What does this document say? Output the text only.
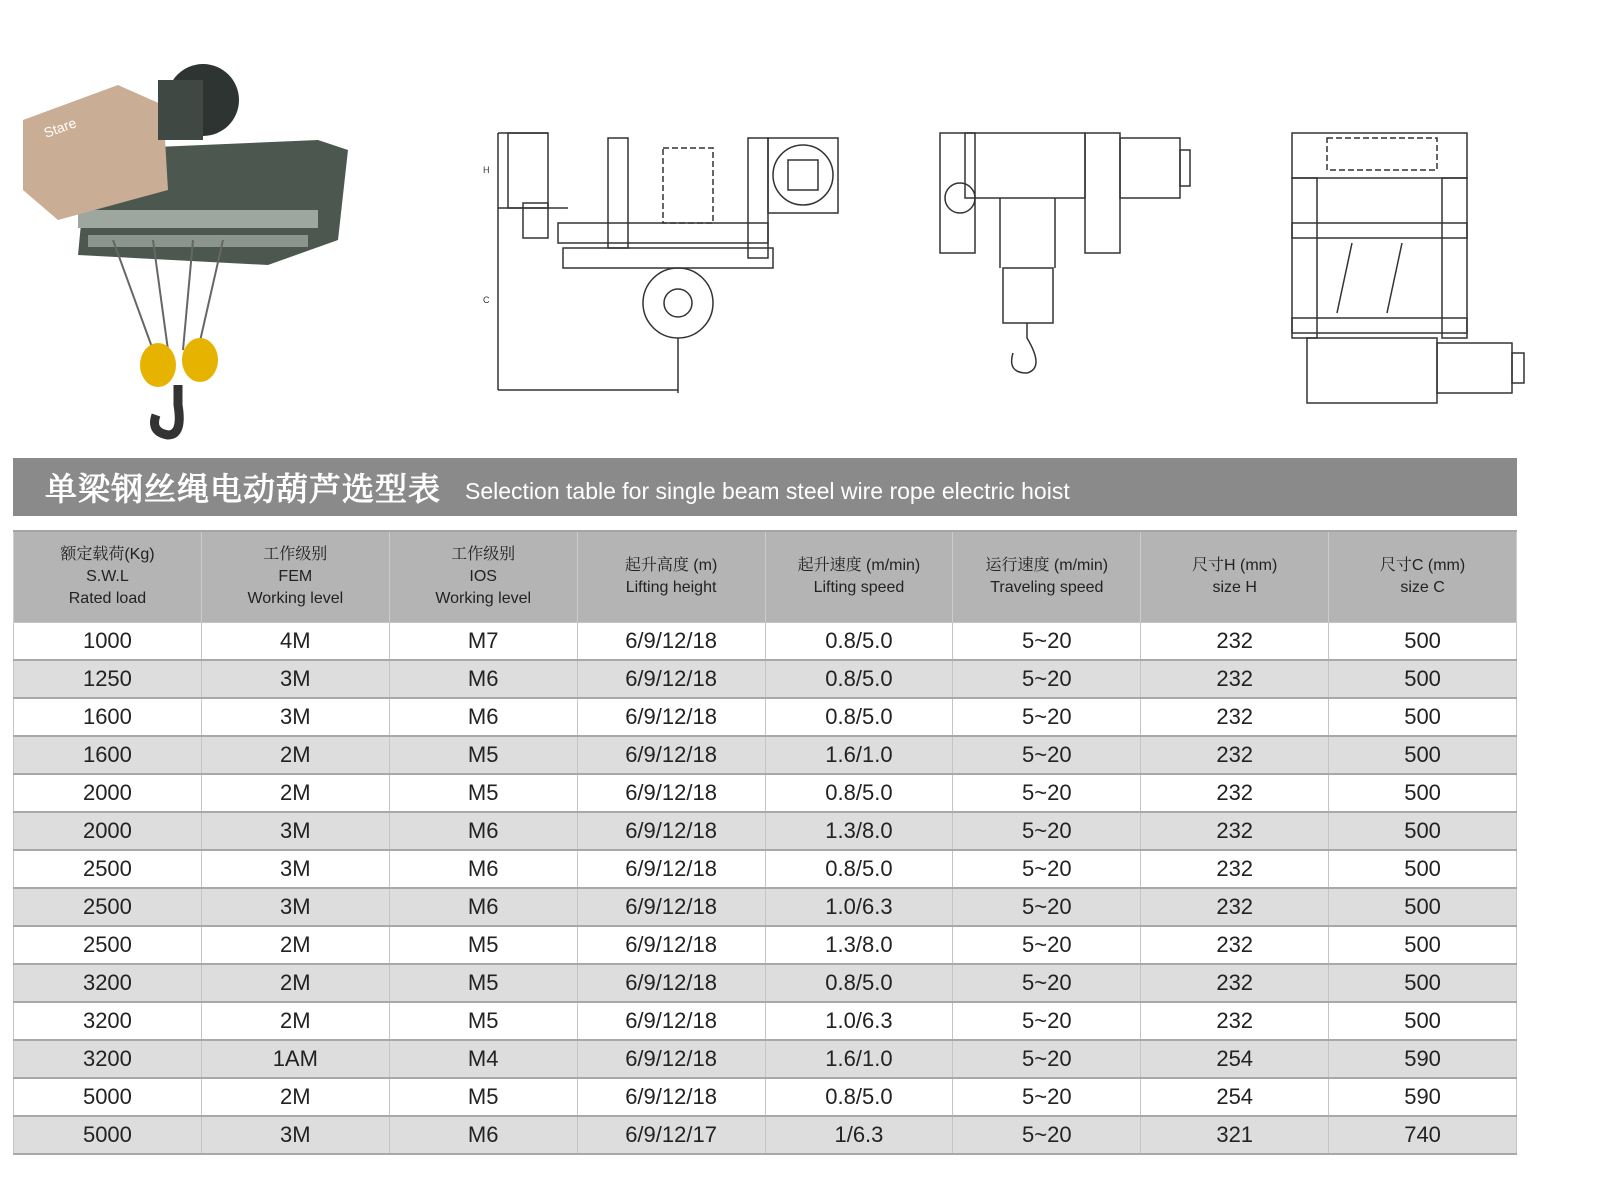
Stare
H
C
单梁钢丝绳电动葫芦选型表 Selection table for single beam steel wire rope electric hoist
额定载荷(Kg)
S.W.L
Rated load	工作级别
FEM
Working level	工作级别
IOS
Working level	起升高度 (m)
Lifting height	起升速度 (m/min)
Lifting speed	运行速度 (m/min)
Traveling speed	尺寸H (mm)
size H	尺寸C (mm)
size C

1000	4M	M7	6/9/12/18	0.8/5.0	5~20	232	500
1250	3M	M6	6/9/12/18	0.8/5.0	5~20	232	500
1600	3M	M6	6/9/12/18	0.8/5.0	5~20	232	500
1600	2M	M5	6/9/12/18	1.6/1.0	5~20	232	500
2000	2M	M5	6/9/12/18	0.8/5.0	5~20	232	500
2000	3M	M6	6/9/12/18	1.3/8.0	5~20	232	500
2500	3M	M6	6/9/12/18	0.8/5.0	5~20	232	500
2500	3M	M6	6/9/12/18	1.0/6.3	5~20	232	500
2500	2M	M5	6/9/12/18	1.3/8.0	5~20	232	500
3200	2M	M5	6/9/12/18	0.8/5.0	5~20	232	500
3200	2M	M5	6/9/12/18	1.0/6.3	5~20	232	500
3200	1AM	M4	6/9/12/18	1.6/1.0	5~20	254	590
5000	2M	M5	6/9/12/18	0.8/5.0	5~20	254	590
5000	3M	M6	6/9/12/17	1/6.3	5~20	321	740
